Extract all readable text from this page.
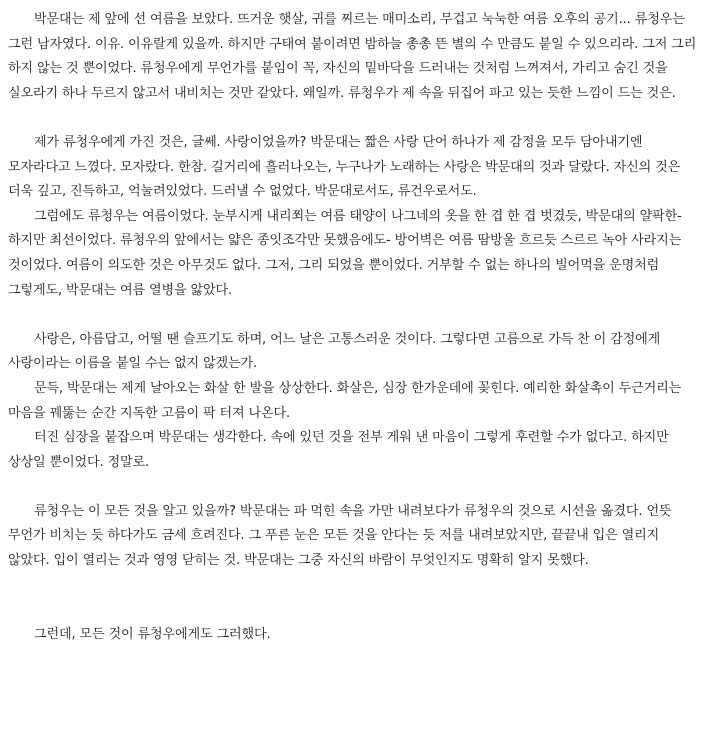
박문대는 제 앞에 선 여름을 보았다. 뜨거운 햇살, 귀를 찌르는 매미소리, 무겁고 눅눅한 여름 오후의 공기... 류청우는 그런 남자였다. 이유. 이유랄게 있을까. 하지만 구태여 붙이려면 밤하늘 총총 뜬 별의 수 만큼도 붙일 수 있으리라. 그저 그리 하지 않는 것 뿐이었다. 류청우에게 무언가를 붙임이 꼭, 자신의 밑바닥을 드러내는 것처럼 느껴져서, 가리고 숨긴 것을 실오라기 하나 두르지 않고서 내비치는 것만 같았다. 왜일까. 류청우가 제 속을 뒤집어 파고 있는 듯한 느낌이 드는 것은.

제가 류청우에게 가진 것은, 글쎄. 사랑이었을까? 박문대는 짧은 사랑 단어 하나가 제 감정을 모두 담아내기엔 모자라다고 느꼈다. 모자랐다. 한참. 길거리에 흘러나오는, 누구나가 노래하는 사랑은 박문대의 것과 달랐다. 자신의 것은 더욱 깊고, 진득하고, 억눌려있었다. 드러낼 수 없었다. 박문대로서도, 류건우로서도.

그럼에도 류청우는 여름이었다. 눈부시게 내리쬐는 여름 태양이 나그네의 옷을 한 겹 한 겹 벗겼듯, 박문대의 얄팍한-하지만 최선이었다. 류청우의 앞에서는 얇은 종잇조각만 못했음에도- 방어벽은 여름 땀방울 흐르듯 스르르 녹아 사라지는 것이었다. 여름이 의도한 것은 아무것도 없다. 그저, 그리 되었을 뿐이었다. 거부할 수 없는 하나의 빌어먹을 운명처럼 그렇게도, 박문대는 여름 열병을 앓았다.

사랑은, 아름답고, 어떨 땐 슬프기도 하며, 어느 날은 고통스러운 것이다. 그렇다면 고름으로 가득 찬 이 감정에게 사랑이라는 이름을 붙일 수는 없지 않겠는가.

문득, 박문대는 제게 날아오는 화살 한 발을 상상한다. 화살은, 심장 한가운데에 꽂힌다. 예리한 화살촉이 두근거리는 마음을 꿰뚫는 순간 지독한 고름이 팍 터져 나온다.

터진 심장을 붙잡으며 박문대는 생각한다. 속에 있던 것을 전부 게워 낸 마음이 그렇게 후련할 수가 없다고. 하지만 상상일 뿐이었다. 정말로.

류청우는 이 모든 것을 알고 있을까? 박문대는 파 먹힌 속을 가만 내려보다가 류청우의 것으로 시선을 옮겼다. 언뜻 무언가 비치는 듯 하다가도 금세 흐려진다. 그 푸른 눈은 모든 것을 안다는 듯 저를 내려보았지만, 끝끝내 입은 열리지 않았다. 입이 열리는 것과 영영 닫히는 것. 박문대는 그중 자신의 바람이 무엇인지도 명확히 알지 못했다.

그런데, 모든 것이 류청우에게도 그러했다.
